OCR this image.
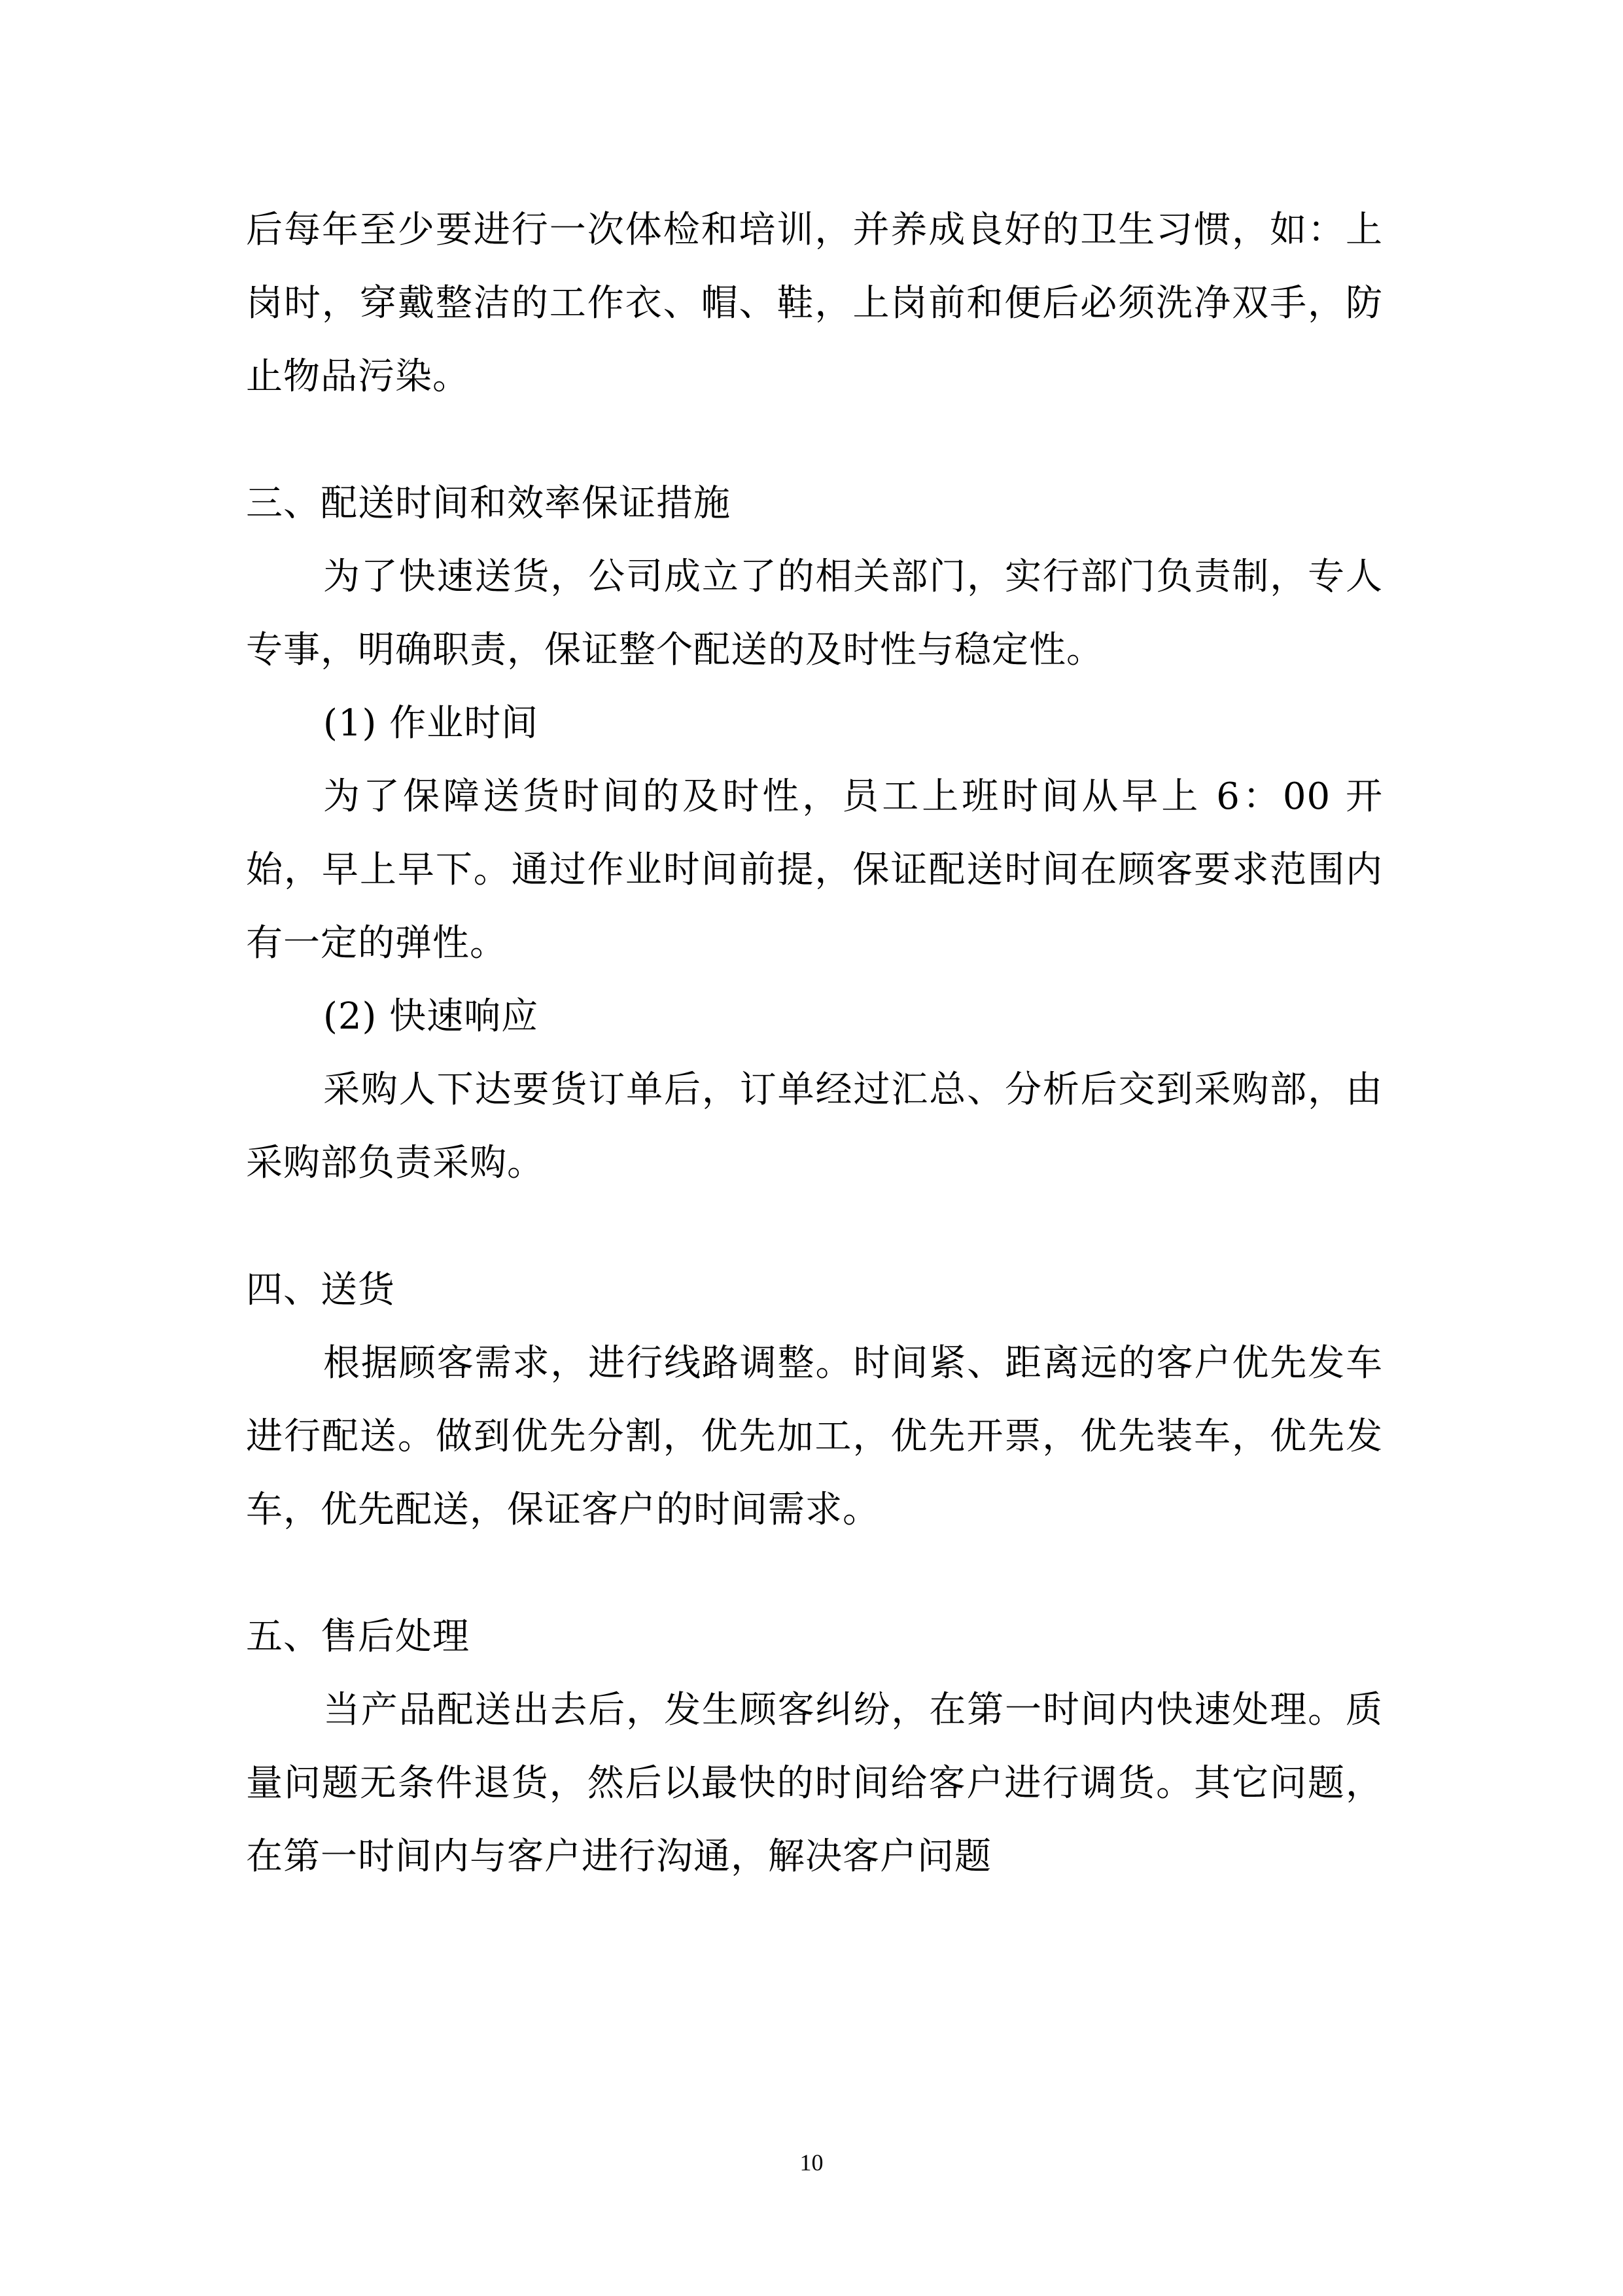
后每年至少要进行一次体检和培训，并养成良好的卫生习惯，如：上岗时，穿戴整洁的工作衣、帽、鞋，上岗前和便后必须洗净双手，防止物品污染。

三、配送时间和效率保证措施

为了快速送货，公司成立了的相关部门，实行部门负责制，专人专事，明确职责，保证整个配送的及时性与稳定性。

(1) 作业时间

为了保障送货时间的及时性，员工上班时间从早上 6：00 开始，早上早下。通过作业时间前提，保证配送时间在顾客要求范围内有一定的弹性。

(2) 快速响应

采购人下达要货订单后，订单经过汇总、分析后交到采购部，由采购部负责采购。

四、送货

根据顾客需求，进行线路调整。时间紧、距离远的客户优先发车进行配送。做到优先分割，优先加工，优先开票，优先装车，优先发车，优先配送，保证客户的时间需求。

五、售后处理

当产品配送出去后，发生顾客纠纷，在第一时间内快速处理。质量问题无条件退货，然后以最快的时间给客户进行调货。其它问题，在第一时间内与客户进行沟通，解决客户问题

10
